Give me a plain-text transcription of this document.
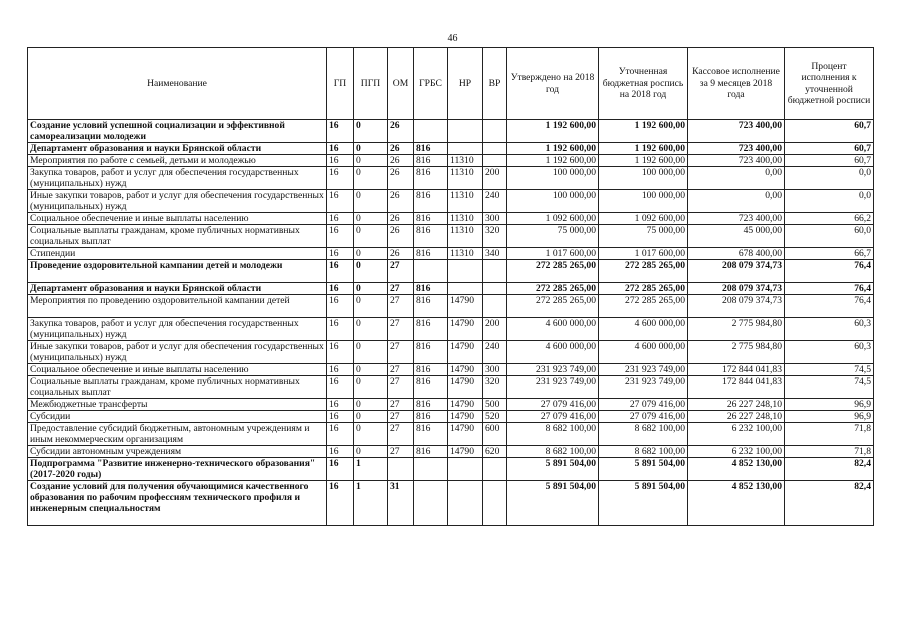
46
Наименование	ГП	ПГП	ОМ	ГРБС	НР	ВР	Утверждено на 2018 год	Уточненная бюджетная роспись на 2018 год	Кассовое исполнение за 9 месяцев 2018 года	Процент исполнения к уточненной бюджетной росписи
Создание условий успешной социализации и эффективной самореализации молодежи	16	0	26				1 192 600,00	1 192 600,00	723 400,00	60,7
Департамент образования и науки Брянской области	16	0	26	816			1 192 600,00	1 192 600,00	723 400,00	60,7
Мероприятия по работе с семьей, детьми и молодежью	16	0	26	816	11310		1 192 600,00	1 192 600,00	723 400,00	60,7
Закупка товаров, работ и услуг для обеспечения государственных (муниципальных) нужд	16	0	26	816	11310	200	100 000,00	100 000,00	0,00	0,0
Иные закупки товаров, работ и услуг для обеспечения государственных (муниципальных) нужд	16	0	26	816	11310	240	100 000,00	100 000,00	0,00	0,0
Социальное обеспечение и иные выплаты населению	16	0	26	816	11310	300	1 092 600,00	1 092 600,00	723 400,00	66,2
Социальные выплаты гражданам, кроме публичных нормативных социальных выплат	16	0	26	816	11310	320	75 000,00	75 000,00	45 000,00	60,0
Стипендии	16	0	26	816	11310	340	1 017 600,00	1 017 600,00	678 400,00	66,7
Проведение оздоровительной кампании детей и молодежи	16	0	27				272 285 265,00	272 285 265,00	208 079 374,73	76,4
Департамент образования и науки Брянской области	16	0	27	816			272 285 265,00	272 285 265,00	208 079 374,73	76,4
Мероприятия по проведению оздоровительной кампании детей	16	0	27	816	14790		272 285 265,00	272 285 265,00	208 079 374,73	76,4
Закупка товаров, работ и услуг для обеспечения государственных (муниципальных) нужд	16	0	27	816	14790	200	4 600 000,00	4 600 000,00	2 775 984,80	60,3
Иные закупки товаров, работ и услуг для обеспечения государственных (муниципальных) нужд	16	0	27	816	14790	240	4 600 000,00	4 600 000,00	2 775 984,80	60,3
Социальное обеспечение и иные выплаты населению	16	0	27	816	14790	300	231 923 749,00	231 923 749,00	172 844 041,83	74,5
Социальные выплаты гражданам, кроме публичных нормативных социальных выплат	16	0	27	816	14790	320	231 923 749,00	231 923 749,00	172 844 041,83	74,5
Межбюджетные трансферты	16	0	27	816	14790	500	27 079 416,00	27 079 416,00	26 227 248,10	96,9
Субсидии	16	0	27	816	14790	520	27 079 416,00	27 079 416,00	26 227 248,10	96,9
Предоставление субсидий бюджетным, автономным учреждениям и иным некоммерческим организациям	16	0	27	816	14790	600	8 682 100,00	8 682 100,00	6 232 100,00	71,8
Субсидии автономным учреждениям	16	0	27	816	14790	620	8 682 100,00	8 682 100,00	6 232 100,00	71,8
Подпрограмма "Развитие инженерно-технического образования" (2017-2020 годы)	16	1					5 891 504,00	5 891 504,00	4 852 130,00	82,4
Создание условий для получения обучающимися качественного образования по рабочим профессиям технического профиля и инженерным специальностям	16	1	31				5 891 504,00	5 891 504,00	4 852 130,00	82,4
